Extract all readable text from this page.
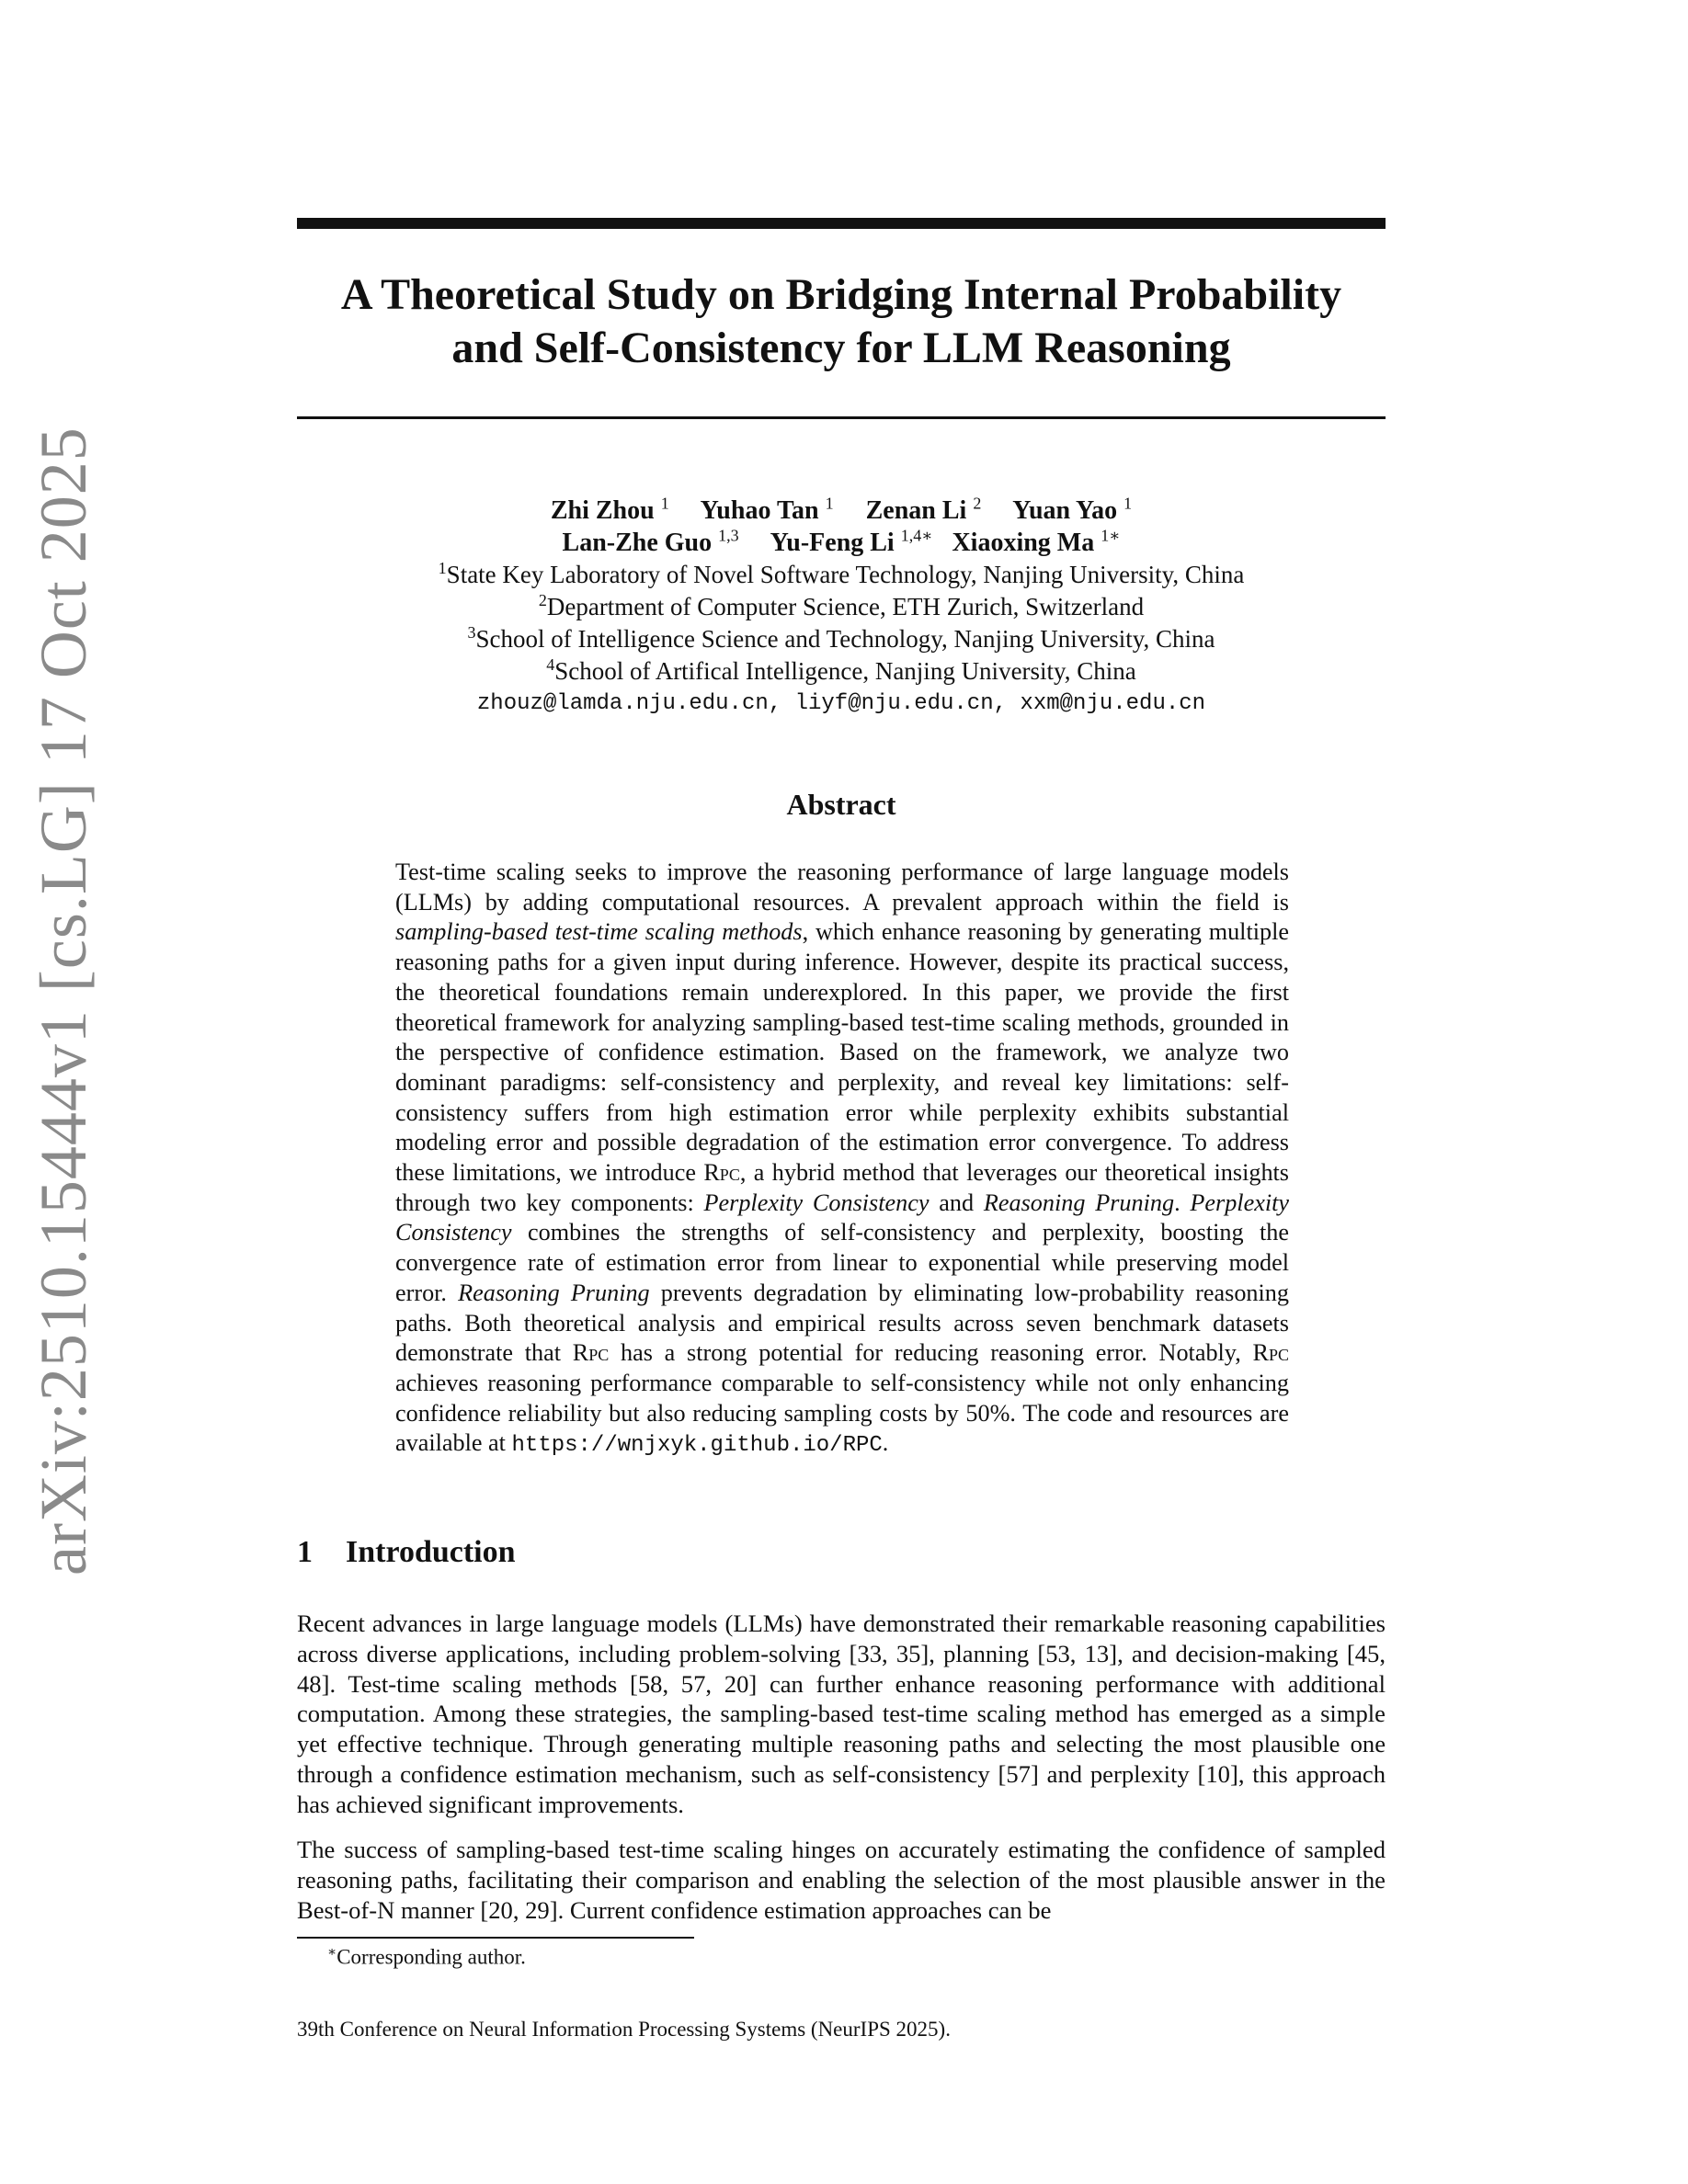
arXiv:2510.15444v1 [cs.LG] 17 Oct 2025
A Theoretical Study on Bridging Internal Probability
and Self-Consistency for LLM Reasoning
Zhi Zhou $^1$ Yuhao Tan $^1$ Zenan Li $^2$ Yuan Yao $^1$
Lan-Zhe Guo $^{1,3}$ Yu-Feng Li $^{1,4∗}$ Xiaoxing Ma $^{1∗}$
$^1$State Key Laboratory of Novel Software Technology, Nanjing University, China
$^2$Department of Computer Science, ETH Zurich, Switzerland
$^3$School of Intelligence Science and Technology, Nanjing University, China
$^4$School of Artifical Intelligence, Nanjing University, China
zhouz@lamda.nju.edu.cn, liyf@nju.edu.cn, xxm@nju.edu.cn
Abstract
Test-time scaling seeks to improve the reasoning performance of large language models (LLMs) by adding computational resources. A prevalent approach within the field is sampling-based test-time scaling methods, which enhance reasoning by generating multiple reasoning paths for a given input during inference. However, despite its practical success, the theoretical foundations remain underexplored. In this paper, we provide the first theoretical framework for analyzing sampling-based test-time scaling methods, grounded in the perspective of confidence estimation. Based on the framework, we analyze two dominant paradigms: self-consistency and perplexity, and reveal key limitations: self-consistency suffers from high estimation error while perplexity exhibits substantial modeling error and possible degradation of the estimation error convergence. To address these limitations, we introduce Rpc, a hybrid method that leverages our theoretical insights through two key components: Perplexity Consistency and Reasoning Pruning. Perplexity Consistency combines the strengths of self-consistency and perplexity, boosting the convergence rate of estimation error from linear to exponential while preserving model error. Reasoning Pruning prevents degradation by eliminating low-probability reasoning paths. Both theoretical analysis and empirical results across seven benchmark datasets demonstrate that Rpc has a strong potential for reducing reasoning error. Notably, Rpc achieves reasoning performance comparable to self-consistency while not only enhancing confidence reliability but also reducing sampling costs by 50%. The code and resources are available at https://wnjxyk.github.io/RPC.
1 Introduction
Recent advances in large language models (LLMs) have demonstrated their remarkable reasoning capabilities across diverse applications, including problem-solving [33, 35], planning [53, 13], and decision-making [45, 48]. Test-time scaling methods [58, 57, 20] can further enhance reasoning performance with additional computation. Among these strategies, the sampling-based test-time scaling method has emerged as a simple yet effective technique. Through generating multiple reasoning paths and selecting the most plausible one through a confidence estimation mechanism, such as self-consistency [57] and perplexity [10], this approach has achieved significant improvements.
The success of sampling-based test-time scaling hinges on accurately estimating the confidence of sampled reasoning paths, facilitating their comparison and enabling the selection of the most plausible answer in the Best-of-N manner [20, 29]. Current confidence estimation approaches can be
∗Corresponding author.
39th Conference on Neural Information Processing Systems (NeurIPS 2025).
